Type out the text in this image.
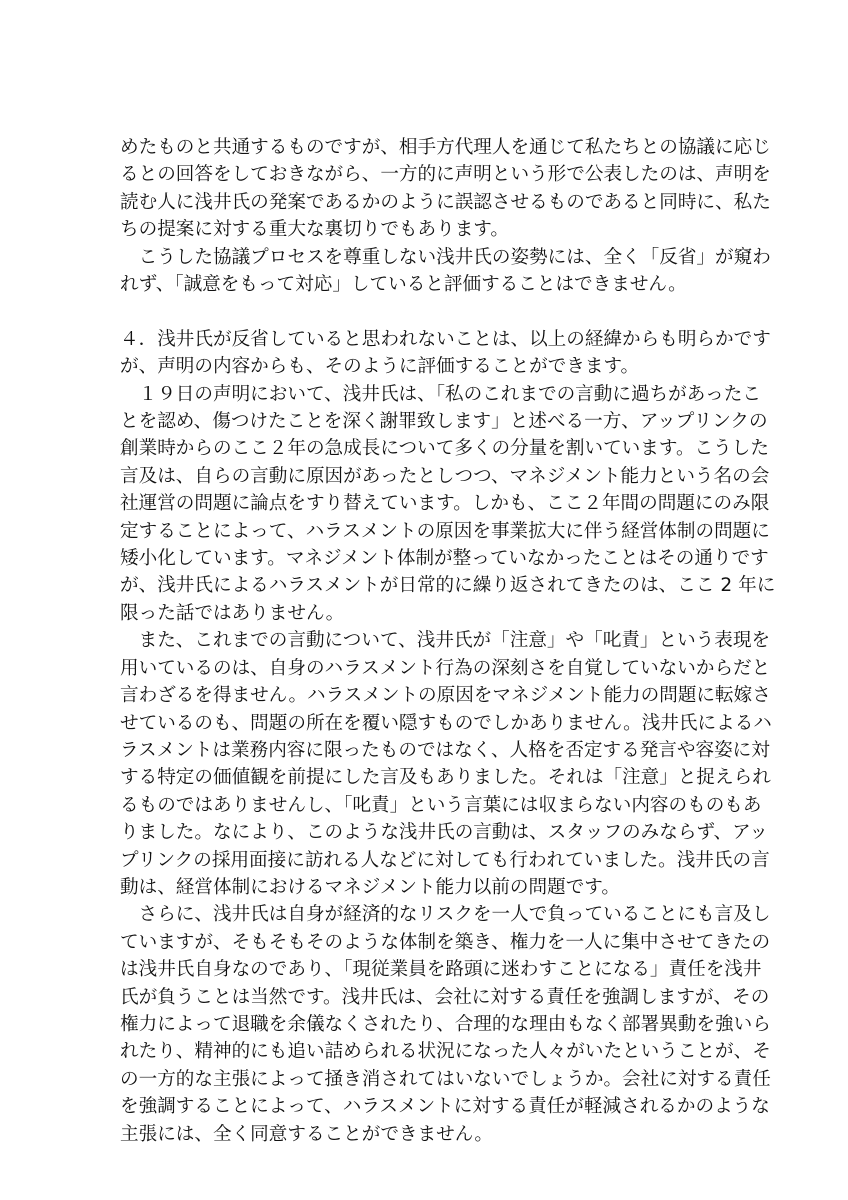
めたものと共通するものですが、相手方代理人を通じて私たちとの協議に応じ
るとの回答をしておきながら、一方的に声明という形で公表したのは、声明を
読む人に浅井氏の発案であるかのように誤認させるものであると同時に、私た
ちの提案に対する重大な裏切りでもあります。
　こうした協議プロセスを尊重しない浅井氏の姿勢には、全く「反省」が窺わ
れず、「誠意をもって対応」していると評価することはできません。
４．浅井氏が反省していると思われないことは、以上の経緯からも明らかです
が、声明の内容からも、そのように評価することができます。
　１９日の声明において、浅井氏は、「私のこれまでの言動に過ちがあったこ
とを認め、傷つけたことを深く謝罪致します」と述べる一方、アップリンクの
創業時からのここ２年の急成長について多くの分量を割いています。こうした
言及は、自らの言動に原因があったとしつつ、マネジメント能力という名の会
社運営の問題に論点をすり替えています。しかも、ここ２年間の問題にのみ限
定することによって、ハラスメントの原因を事業拡大に伴う経営体制の問題に
矮小化しています。マネジメント体制が整っていなかったことはその通りです
が、浅井氏によるハラスメントが日常的に繰り返されてきたのは、ここ 2 年に
限った話ではありません。
　また、これまでの言動について、浅井氏が「注意」や「叱責」という表現を
用いているのは、自身のハラスメント行為の深刻さを自覚していないからだと
言わざるを得ません。ハラスメントの原因をマネジメント能力の問題に転嫁さ
せているのも、問題の所在を覆い隠すものでしかありません。浅井氏によるハ
ラスメントは業務内容に限ったものではなく、人格を否定する発言や容姿に対
する特定の価値観を前提にした言及もありました。それは「注意」と捉えられ
るものではありませんし、「叱責」という言葉には収まらない内容のものもあ
りました。なにより、このような浅井氏の言動は、スタッフのみならず、アッ
プリンクの採用面接に訪れる人などに対しても行われていました。浅井氏の言
動は、経営体制におけるマネジメント能力以前の問題です。
　さらに、浅井氏は自身が経済的なリスクを一人で負っていることにも言及し
ていますが、そもそもそのような体制を築き、権力を一人に集中させてきたの
は浅井氏自身なのであり、「現従業員を路頭に迷わすことになる」責任を浅井
氏が負うことは当然です。浅井氏は、会社に対する責任を強調しますが、その
権力によって退職を余儀なくされたり、合理的な理由もなく部署異動を強いら
れたり、精神的にも追い詰められる状況になった人々がいたということが、そ
の一方的な主張によって掻き消されてはいないでしょうか。会社に対する責任
を強調することによって、ハラスメントに対する責任が軽減されるかのような
主張には、全く同意することができません。
